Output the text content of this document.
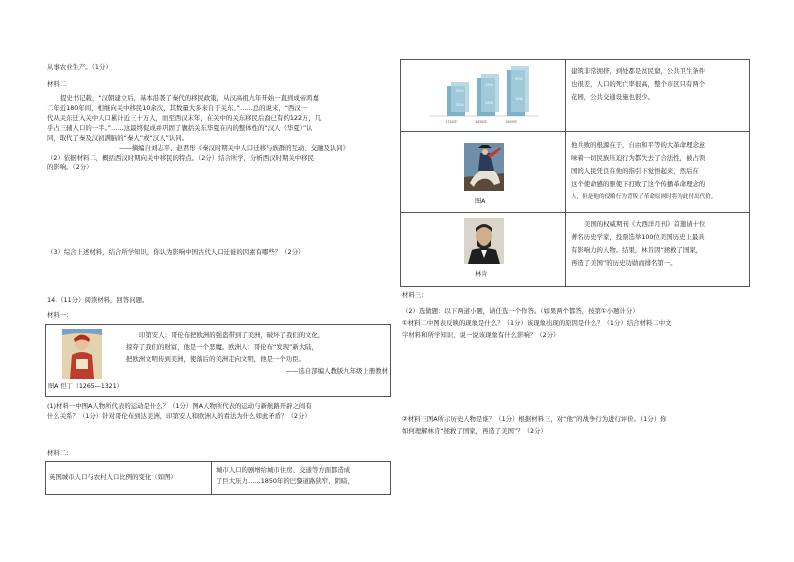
从事农业生产。（1分）
材料二
提史书记载，“汉朝建立后，基本沿袭了秦代的移民政策，从汉高祖九年开始一直到成帝鸿嘉
二年近180年间，相继向关中移民10余次，其数量大多来自于关东。”……总的说来，“西汉一
代从关东迁入关中人口累计近三十万人，而至西汉末年，在关中的关东移民后裔已有约122万，几
乎占三辅人口的一半。”……这最终促成并巩固了囊括关东华夏在内的整体性的“汉人（华夏）”认
同，取代了秦及汉初满脑的“秦人”或“汉人”认同。
——摘编自刘志平、赵君彤《秦汉时期关中人口迁移与族群的互动、交融及认同》
（2）依据材料二，概括西汉时期向关中移民的特点。（2分）结合所学，分析西汉时期关中移民
的影响。（2分）
（3）综合上述材料，结合所学知识，你认为影响中国古代人口迁徙的因素有哪些？（2分）
14.（11分）阅读材料，回答问题。
材料一：
图A 但丁（1265—1321）
印第安人：哥伦布把欧洲的强盗带到了美洲，破坏了我们的文化，
掠夺了我们的财富，他是一个恶魔。欧洲人：哥伦布“发现”新大陆，
把欧洲文明传到美洲，使落后的美洲走向文明，他是一个功臣。
——选自部编人教版九年级上册教材
(1)材料一中图A人物所代表的运动是什么？（1分）图A人物所代表的运动与新航路开辟之间有
什么关系？（1分）针对哥伦布到达美洲，印第安人和欧洲人的看法为什么如此矛盾？（2分）
材料二：
英国城市人口与农村人口比例的变化（如图）
城市人口的剧增给城市住房、交通等方面都造成
了巨大压力……1850年的巴黎道路狭窄、阴暗，
50%
50%
1750年
72%
28%
1850年
90%
10%
1900年
建筑非常拥挤，到处都是贫民窟，公共卫生条件
也很差，人口的死亡率很高，整个市区只有两个
花园，公共交通设施也很少。
图A
他兵败的根源在于，自由和平等的大革命理念意
味着一切民族压迫行为都失去了合法性，被占领
国的人民凭良在他的指引下觉悟起来，然后在
这个使命感的驱使下打败了这个传播革命理念的
人，但是他的侵略行为背叛了革命原则时将为此付出代价。
林肯
美国的权威期刊《大西洋月刊》首邀请十位
著名历史学家，投票选举100位美国历史上最具
有影响力的人物。结果，林肯因“拯救了国家，
再造了美国”的历史功勋而排名第一。
材料三：
（2）选做题：以下两道小题，请任选一个作答。（如果两个都答，按第①小题计分）
①材料二中图表反映的现象是什么？（1分）该现象出现的原因是什么？（1分）结合材料二中文
字材料和所学知识，说一说该现象有什么影响？（2分）
②材料三图A所示历史人物是谁？（1分）根据材料三，对“他”的战争行为进行评价。（1分）你
如何理解林肯“拯救了国家，再造了美国”？（2分）
